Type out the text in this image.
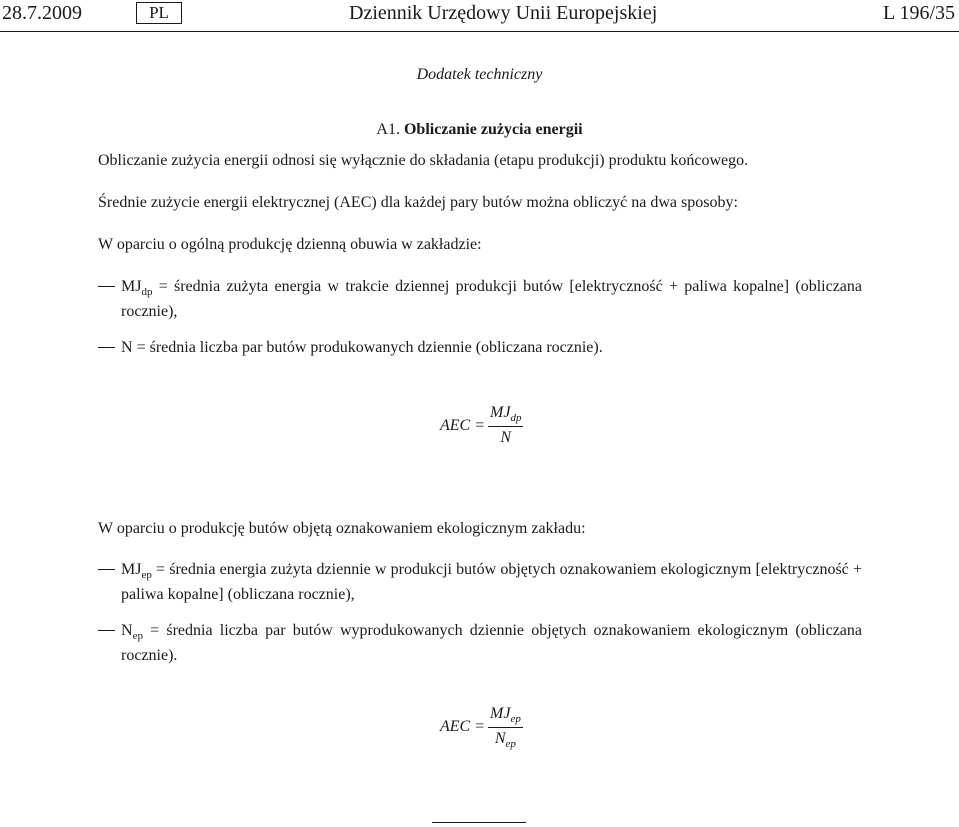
28.7.2009	PL	Dziennik Urzędowy Unii Europejskiej	L 196/35
Dodatek techniczny
A1. Obliczanie zużycia energii
Obliczanie zużycia energii odnosi się wyłącznie do składania (etapu produkcji) produktu końcowego.
Średnie zużycie energii elektrycznej (AEC) dla każdej pary butów można obliczyć na dwa sposoby:
W oparciu o ogólną produkcję dzienną obuwia w zakładzie:
$MJ_{dp}$ = średnia zużyta energia w trakcie dziennej produkcji butów [elektryczność + paliwa kopalne] (obliczana rocznie),
N = średnia liczba par butów produkowanych dziennie (obliczana rocznie).
AEC =
$MJ_{dp}$
N
W oparciu o produkcję butów objętą oznakowaniem ekologicznym zakładu:
$MJ_{ep}$ = średnia energia zużyta dziennie w produkcji butów objętych oznakowaniem ekologicznym [elektryczność + paliwa kopalne] (obliczana rocznie),
$N_{ep}$ = średnia liczba par butów wyprodukowanych dziennie objętych oznakowaniem ekologicznym (obliczana rocznie).
AEC =
$MJ_{ep}$
$N_{ep}$
